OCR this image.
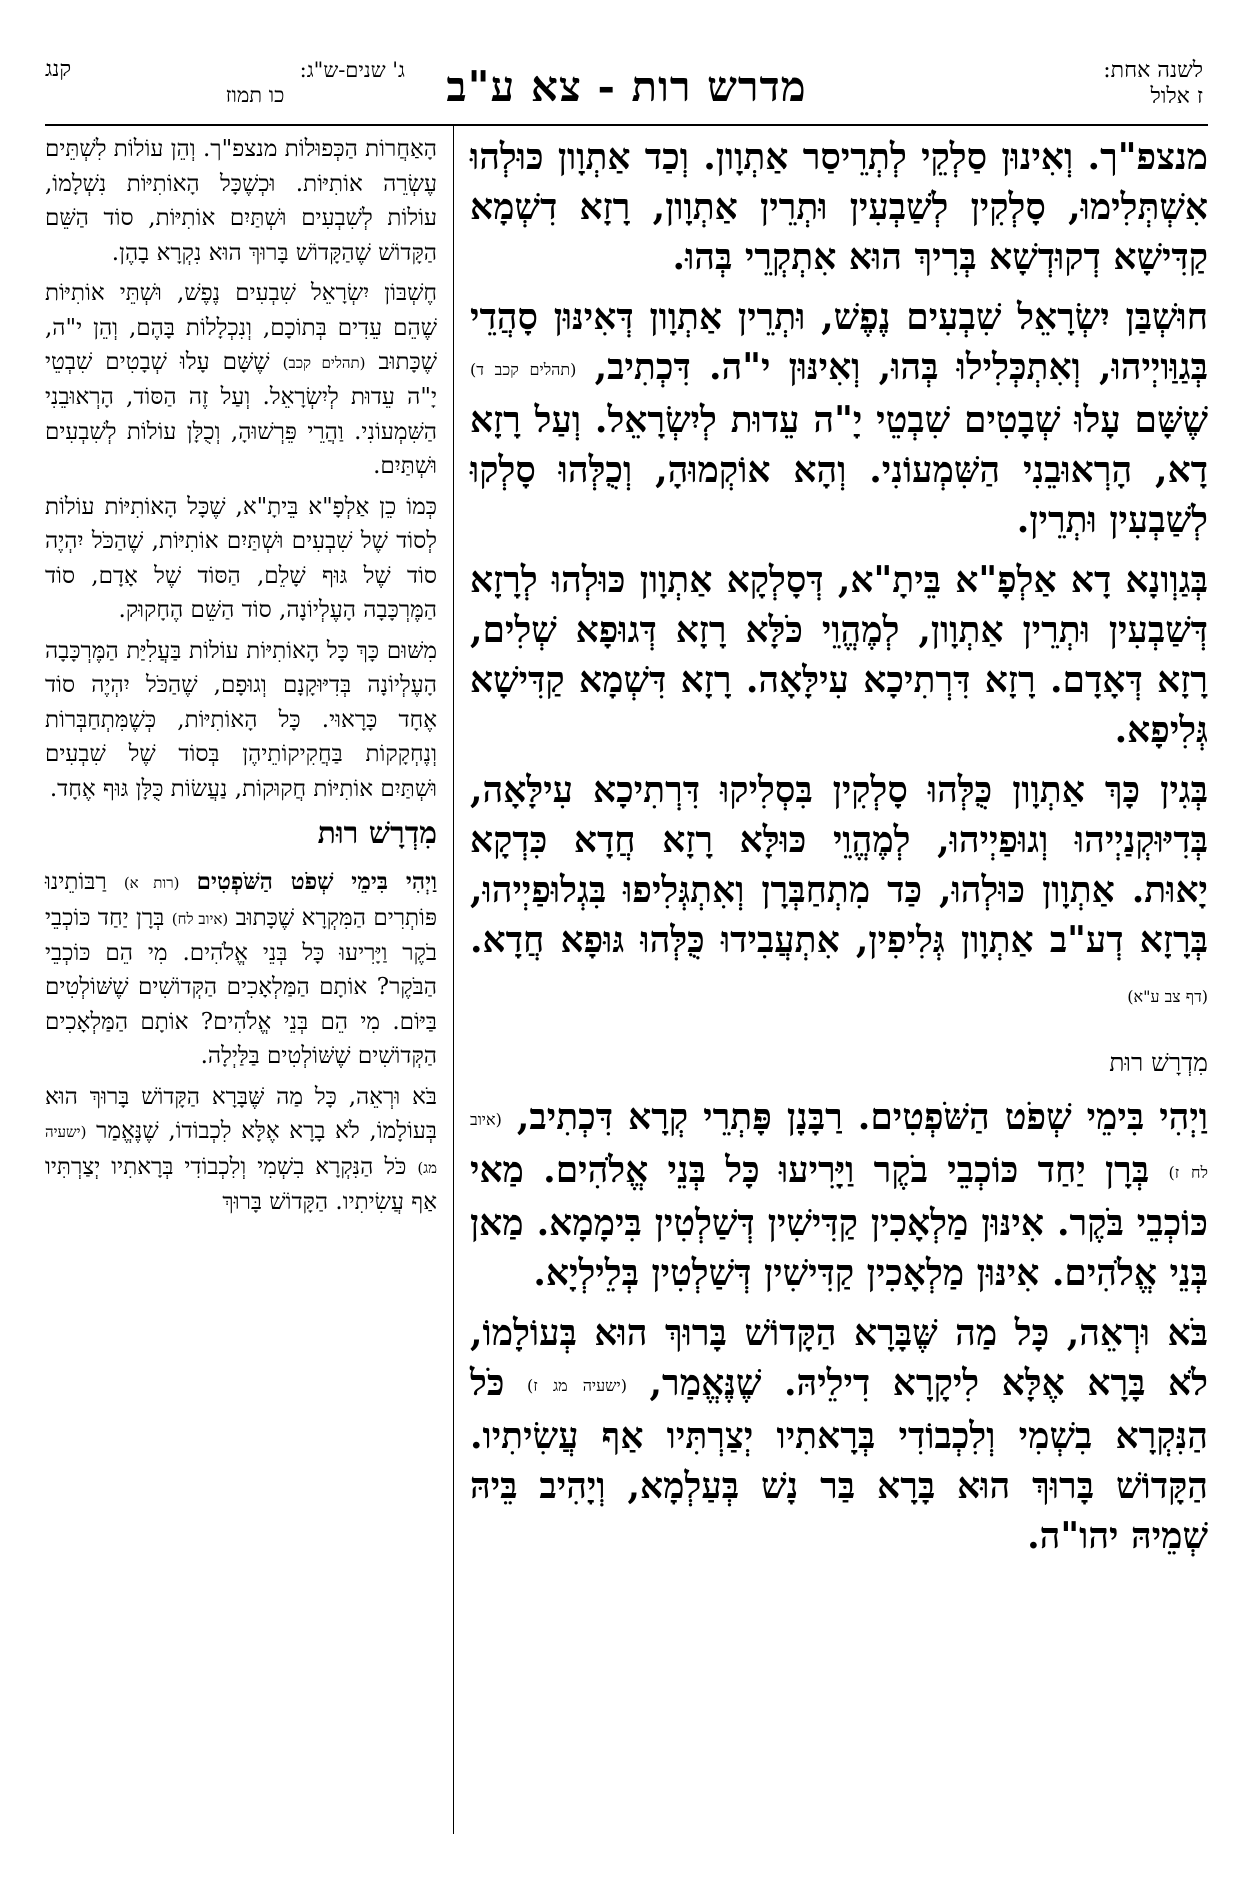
לשנה אחת:
ז אלול
מדרש רות - צא ע"ב
ג' שנים-ש"ג:
קנג
כו תמוז

מנצפ"ך. וְאִינוּן סַלְקֵי לְתְרֵיסַר אַתְוָון. וְכַד אַתְוָון כּוּלְהוּ אִשְׁתְּלִימוּ, סָלְקִין לְשַׁבְעִין וּתְרֵין אַתְוָון, רָזָא דִשְׁמָא קַדִּישָׁא דְקוּדְשָׁא בְּרִיךְ הוּא אִתְקְרֵי בְּהוּ.

חוּשְׁבַּן יִשְׂרָאֵל שִׁבְעִים נֶפֶשׁ, וּתְרֵין אַתְוָון דְּאִינּוּן סָהֲדֵי בְּגַוַּויְיהוּ, וְאִתְכְּלִילוּ בְּהוּ, וְאִינּוּן י"ה. דִּכְתִיב, (תהלים קכב ד) שֶׁשָּׁם עָלוּ שְׁבָטִים שִׁבְטֵי יָ"ה עֵדוּת לְיִשְׂרָאֵל. וְעַל רָזָא דָא, הָרְאוּבֵנִי הַשִּׁמְעוֹנִי. וְהָא אוֹקְמוּהָ, וְכֻלְּהוּ סָלְקוּ לְשַׁבְעִין וּתְרֵין.

בְּגַוְונָא דָא אַלְפָ"א בֵּיתָ"א, דְּסָלְקָא אַתְוָון כּוּלְהוּ לְרָזָא דְּשַׁבְעִין וּתְרֵין אַתְוָון, לְמֶהֱוֵי כֹּלָּא רָזָא דְּגוּפָא שְׁלִים, רָזָא דְּאָדָם. רָזָא דִּרְתִיכָא עִילָּאָה. רָזָא דִּשְׁמָא קַדִּישָׁא גְּלִיפָא.

בְּגִין כָּךְ אַתְוָון כֻּלְּהוּ סָלְקִין בִּסְלִיקוּ דִּרְתִיכָא עִילָּאָה, בְּדִיּוּקְנַיְיהוּ וְגוּפַיְיהוּ, לְמֶהֱוֵי כּוּלָּא רָזָא חֲדָא כִּדְקָא יָאוּת. אַתְוָון כּוּלְהוּ, כַּד מִתְחַבְּרָן וְאִתְגְּלִיפוּ בִּגְלוּפַיְיהוּ, בְּרָזָא דְע"ב אַתְוָון גְּלִיפִין, אִתְעֲבִידוּ כֻּלְּהוּ גּוּפָא חֲדָא. (דף צב ע"א)

מִדְרָשׁ רוּת

וַיְהִי בִּימֵי שְׁפֹט הַשֹּׁפְטִים. רַבָּנָן פָּתְרֵי קְרָא דִּכְתִיב, (איוב לח ז) בְּרָן יַחַד כּוֹכְבֵי בֹקֶר וַיָּרִיעוּ כָּל בְּנֵי אֱלֹהִים. מַאי כּוֹכְבֵי בֹּקֶר. אִינּוּן מַלְאָכִין קַדִּישִׁין דְּשַׁלְטִין בִּימָמָא. מַאן בְּנֵי אֱלֹהִים. אִינּוּן מַלְאָכִין קַדִּישִׁין דְּשַׁלְטִין בְּלֵילְיָא.

בֹּא וּרְאֵה, כָּל מַה שֶּׁבָּרָא הַקָּדוֹשׁ בָּרוּךְ הוּא בְּעוֹלָמוֹ, לֹא בָּרָא אֶלָּא לִיקָרָא דִילֵיהּ. שֶׁנֶּאֱמַר, (ישעיה מג ז) כֹּל הַנִּקְרָא בִשְׁמִי וְלִכְבוֹדִי בְּרָאתִיו יְצַרְתִּיו אַף עֲשִׂיתִיו. הַקָּדוֹשׁ בָּרוּךְ הוּא בָּרָא בַּר נָשׁ בְּעַלְמָא, וְיָהִיב בֵּיהּ שְׁמֵיהּ יהו"ה.

הָאַחֲרוֹת הַכְּפוּלוֹת מנצפ"ך. וְהֵן עוֹלוֹת לִשְׁתֵּים עֶשְׂרֵה אוֹתִיּוֹת. וּכְשֶׁכָּל הָאוֹתִיּוֹת נִשְׁלָמוֹ, עוֹלוֹת לְשִׁבְעִים וּשְׁתַּיִם אוֹתִיּוֹת, סוֹד הַשֵּׁם הַקָּדוֹשׁ שֶׁהַקָּדוֹשׁ בָּרוּךְ הוּא נִקְרָא בָהֶן.

חֶשְׁבּוֹן יִשְׂרָאֵל שִׁבְעִים נֶפֶשׁ, וּשְׁתֵּי אוֹתִיּוֹת שֶׁהֵם עֵדִים בְּתוֹכָם, וְנִכְלָלוֹת בָּהֶם, וְהֵן י"ה, שֶׁכָּתוּב (תהלים קכב) שֶׁשָּׁם עָלוּ שְׁבָטִים שִׁבְטֵי יָ"ה עֵדוּת לְיִשְׂרָאֵל. וְעַל זֶה הַסּוֹד, הָרְאוּבֵנִי הַשִּׁמְעוֹנִי. וַהֲרֵי פֵּרְשׁוּהָ, וְכֻלָּן עוֹלוֹת לְשִׁבְעִים וּשְׁתַּיִם.

כְּמוֹ כֵן אַלְפָ"א בֵּיתָ"א, שֶׁכָּל הָאוֹתִיּוֹת עוֹלוֹת לְסוֹד שֶׁל שִׁבְעִים וּשְׁתַּיִם אוֹתִיּוֹת, שֶׁהַכֹּל יִהְיֶה סוֹד שֶׁל גּוּף שָׁלֵם, הַסּוֹד שֶׁל אָדָם, סוֹד הַמֶּרְכָּבָה הָעֶלְיוֹנָה, סוֹד הַשֵּׁם הֶחָקוּק.

מִשּׁוּם כָּךְ כָּל הָאוֹתִיּוֹת עוֹלוֹת בַּעֲלִיַּת הַמֶּרְכָּבָה הָעֶלְיוֹנָה בְּדִיּוּקָנָם וְגוּפָם, שֶׁהַכֹּל יִהְיֶה סוֹד אֶחָד כָּרָאוּי. כָּל הָאוֹתִיּוֹת, כְּשֶׁמִּתְחַבְּרוֹת וְנֶחְקָקוֹת בַּחֲקִיקוֹתֵיהֶן בְּסוֹד שֶׁל שִׁבְעִים וּשְׁתַּיִם אוֹתִיּוֹת חֲקוּקוֹת, נַעֲשׂוֹת כֻּלָּן גּוּף אֶחָד.

מִדְרָשׁ רוּת

וַיְהִי בִּימֵי שְׁפֹט הַשֹּׁפְטִים (רות א) רַבּוֹתֵינוּ פּוֹתְרִים הַמִּקְרָא שֶׁכָּתוּב (איוב לח) בְּרָן יַחַד כּוֹכְבֵי בֹקֶר וַיָּרִיעוּ כָּל בְּנֵי אֱלֹהִים. מִי הֵם כּוֹכְבֵי הַבֹּקֶר? אוֹתָם הַמַּלְאָכִים הַקְּדוֹשִׁים שֶׁשּׁוֹלְטִים בַּיּוֹם. מִי הֵם בְּנֵי אֱלֹהִים? אוֹתָם הַמַּלְאָכִים הַקְּדוֹשִׁים שֶׁשּׁוֹלְטִים בַּלַּיְלָה.

בֹּא וּרְאֵה, כָּל מַה שֶּׁבָּרָא הַקָּדוֹשׁ בָּרוּךְ הוּא בְּעוֹלָמוֹ, לֹא בָרָא אֶלָּא לִכְבוֹדוֹ, שֶׁנֶּאֱמַר (ישעיה מג) כֹּל הַנִּקְרָא בִשְׁמִי וְלִכְבוֹדִי בְּרָאתִיו יְצַרְתִּיו אַף עֲשִׂיתִיו. הַקָּדוֹשׁ בָּרוּךְ
